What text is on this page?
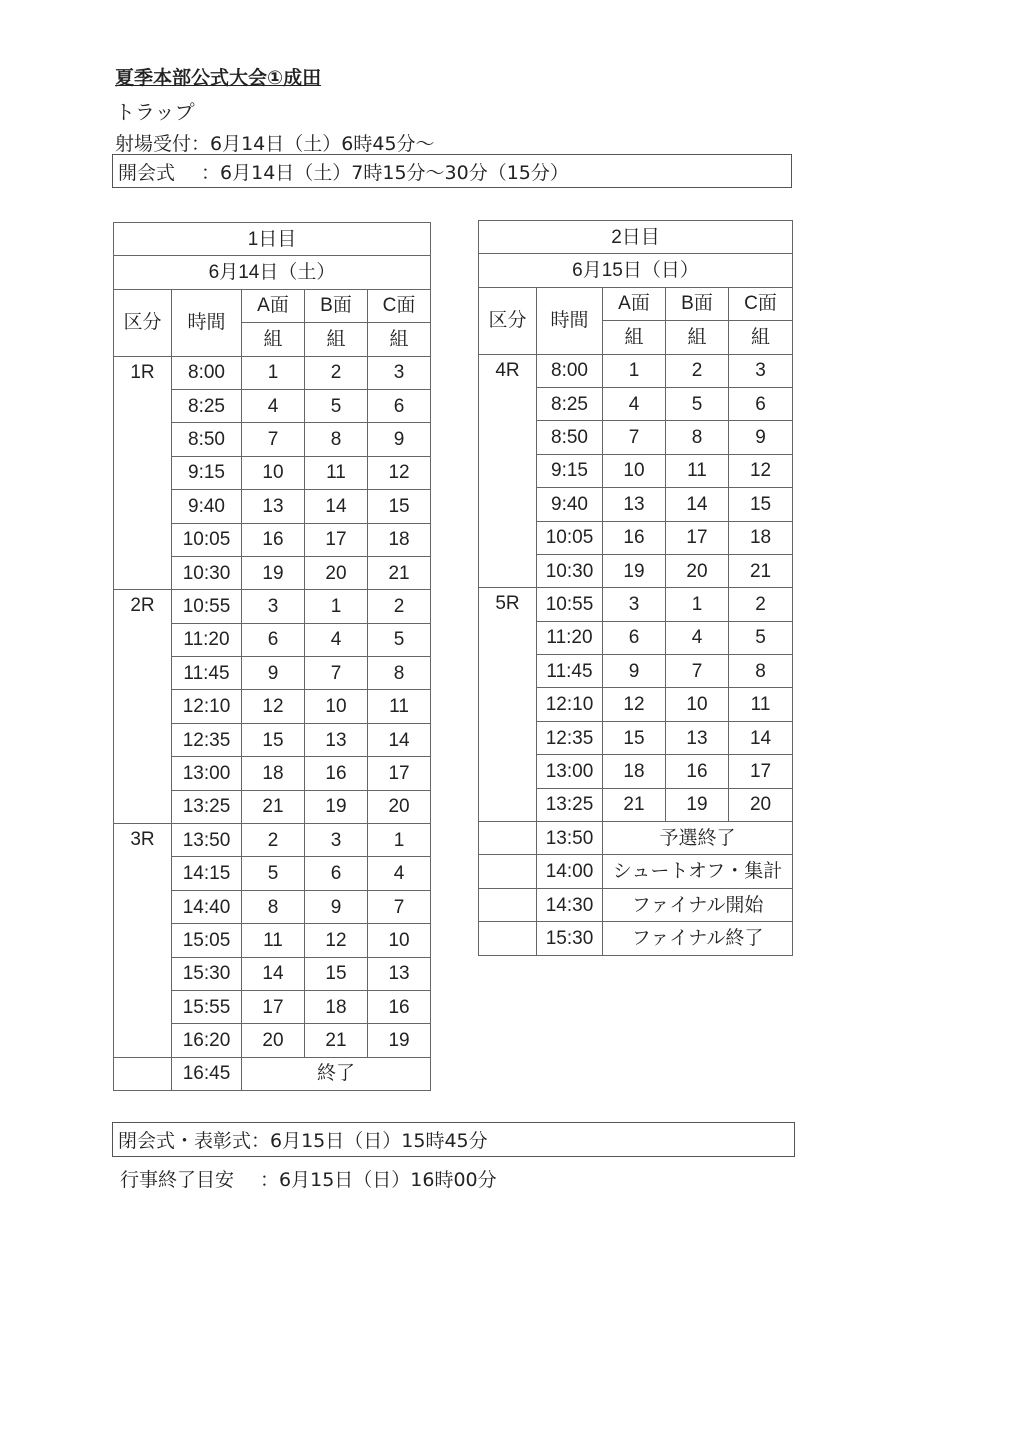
夏季本部公式大会①成田
トラップ
射場受付：6月14日（土）6時45分～
開会式 ：6月14日（土）7時15分～30分（15分）
1日目				
6月14日（土）				
区分	時間	A面	B面	C面
		組	組	組
1R	8:00	1	2	3
	8:25	4	5	6
	8:50	7	8	9
	9:15	10	11	12
	9:40	13	14	15
	10:05	16	17	18
	10:30	19	20	21
2R	10:55	3	1	2
	11:20	6	4	5
	11:45	9	7	8
	12:10	12	10	11
	12:35	15	13	14
	13:00	18	16	17
	13:25	21	19	20
3R	13:50	2	3	1
	14:15	5	6	4
	14:40	8	9	7
	15:05	11	12	10
	15:30	14	15	13
	15:55	17	18	16
	16:20	20	21	19
	16:45	終了		
2日目				
6月15日（日）				
区分	時間	A面	B面	C面
		組	組	組
4R	8:00	1	2	3
	8:25	4	5	6
	8:50	7	8	9
	9:15	10	11	12
	9:40	13	14	15
	10:05	16	17	18
	10:30	19	20	21
5R	10:55	3	1	2
	11:20	6	4	5
	11:45	9	7	8
	12:10	12	10	11
	12:35	15	13	14
	13:00	18	16	17
	13:25	21	19	20
	13:50	予選終了		
	14:00	シュートオフ・集計		
	14:30	ファイナル開始		
	15:30	ファイナル終了		
閉会式・表彰式：6月15日（日）15時45分
行事終了目安 ：6月15日（日）16時00分
